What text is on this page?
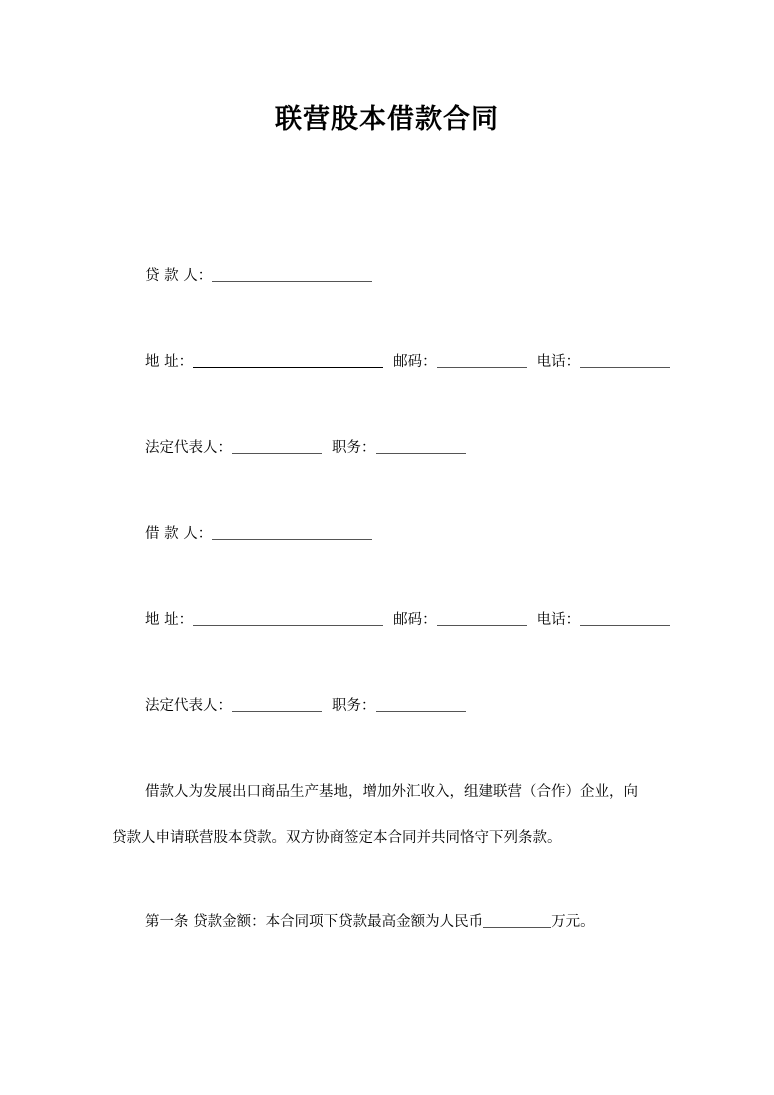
联营股本借款合同
贷 款 人：
地 址：	邮码：	电话：
法定代表人：	职务：
借 款 人：
地 址：	邮码：	电话：
法定代表人：	职务：
借款人为发展出口商品生产基地，增加外汇收入，组建联营（合作）企业，向
贷款人申请联营股本贷款。双方协商签定本合同并共同恪守下列条款。
第一条 贷款金额：本合同项下贷款最高金额为人民币	万元。
